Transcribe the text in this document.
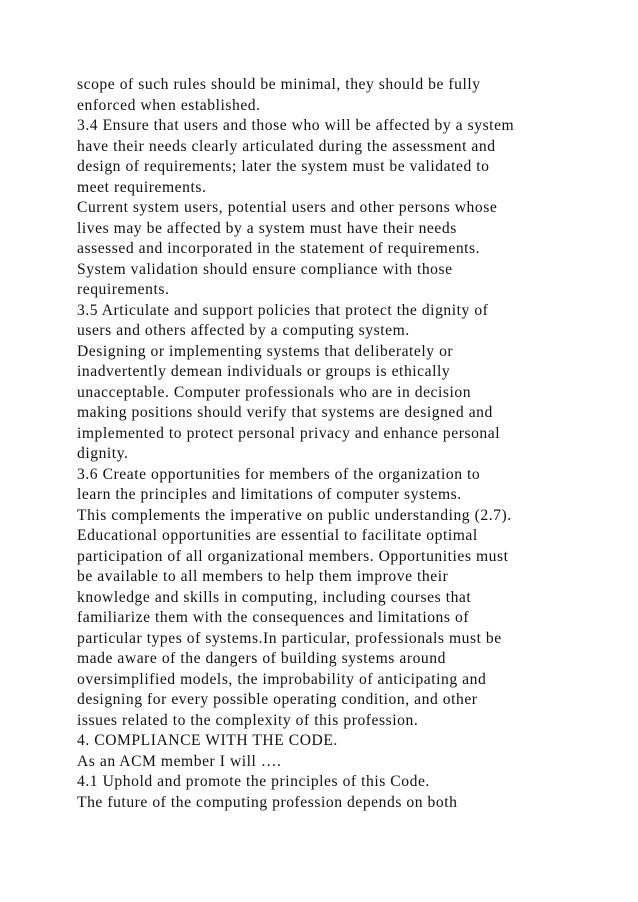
scope of such rules should be minimal, they should be fully
enforced when established.
3.4 Ensure that users and those who will be affected by a system
have their needs clearly articulated during the assessment and
design of requirements; later the system must be validated to
meet requirements.
Current system users, potential users and other persons whose
lives may be affected by a system must have their needs
assessed and incorporated in the statement of requirements.
System validation should ensure compliance with those
requirements.
3.5 Articulate and support policies that protect the dignity of
users and others affected by a computing system.
Designing or implementing systems that deliberately or
inadvertently demean individuals or groups is ethically
unacceptable. Computer professionals who are in decision
making positions should verify that systems are designed and
implemented to protect personal privacy and enhance personal
dignity.
3.6 Create opportunities for members of the organization to
learn the principles and limitations of computer systems.
This complements the imperative on public understanding (2.7).
Educational opportunities are essential to facilitate optimal
participation of all organizational members. Opportunities must
be available to all members to help them improve their
knowledge and skills in computing, including courses that
familiarize them with the consequences and limitations of
particular types of systems.In particular, professionals must be
made aware of the dangers of building systems around
oversimplified models, the improbability of anticipating and
designing for every possible operating condition, and other
issues related to the complexity of this profession.
4. COMPLIANCE WITH THE CODE.
As an ACM member I will ….
4.1 Uphold and promote the principles of this Code.
The future of the computing profession depends on both
